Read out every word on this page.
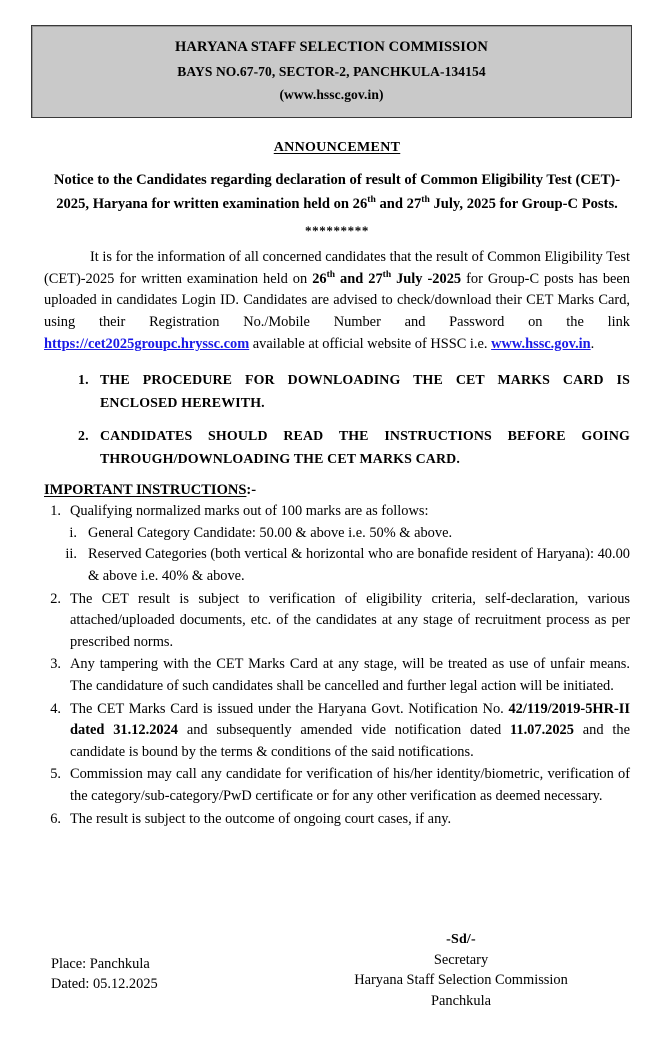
HARYANA STAFF SELECTION COMMISSION
BAYS NO.67-70, SECTOR-2, PANCHKULA-134154
(www.hssc.gov.in)
ANNOUNCEMENT
Notice to the Candidates regarding declaration of result of Common Eligibility Test (CET)- 2025, Haryana for written examination held on 26th and 27th July, 2025 for Group-C Posts.
*********
It is for the information of all concerned candidates that the result of Common Eligibility Test (CET)-2025 for written examination held on 26th and 27th July -2025 for Group-C posts has been uploaded in candidates Login ID. Candidates are advised to check/download their CET Marks Card, using their Registration No./Mobile Number and Password on the link https://cet2025groupc.hryssc.com available at official website of HSSC i.e. www.hssc.gov.in.
1. THE PROCEDURE FOR DOWNLOADING THE CET MARKS CARD IS ENCLOSED HEREWITH.
2. CANDIDATES SHOULD READ THE INSTRUCTIONS BEFORE GOING THROUGH/DOWNLOADING THE CET MARKS CARD.
IMPORTANT INSTRUCTIONS:-
1. Qualifying normalized marks out of 100 marks are as follows:
i. General Category Candidate: 50.00 & above i.e. 50% & above.
ii. Reserved Categories (both vertical & horizontal who are bonafide resident of Haryana): 40.00 & above i.e. 40% & above.
2. The CET result is subject to verification of eligibility criteria, self-declaration, various attached/uploaded documents, etc. of the candidates at any stage of recruitment process as per prescribed norms.
3. Any tampering with the CET Marks Card at any stage, will be treated as use of unfair means. The candidature of such candidates shall be cancelled and further legal action will be initiated.
4. The CET Marks Card is issued under the Haryana Govt. Notification No. 42/119/2019-5HR-II dated 31.12.2024 and subsequently amended vide notification dated 11.07.2025 and the candidate is bound by the terms & conditions of the said notifications.
5. Commission may call any candidate for verification of his/her identity/biometric, verification of the category/sub-category/PwD certificate or for any other verification as deemed necessary.
6. The result is subject to the outcome of ongoing court cases, if any.
Place: Panchkula
Dated: 05.12.2025
-Sd/-
Secretary
Haryana Staff Selection Commission
Panchkula
